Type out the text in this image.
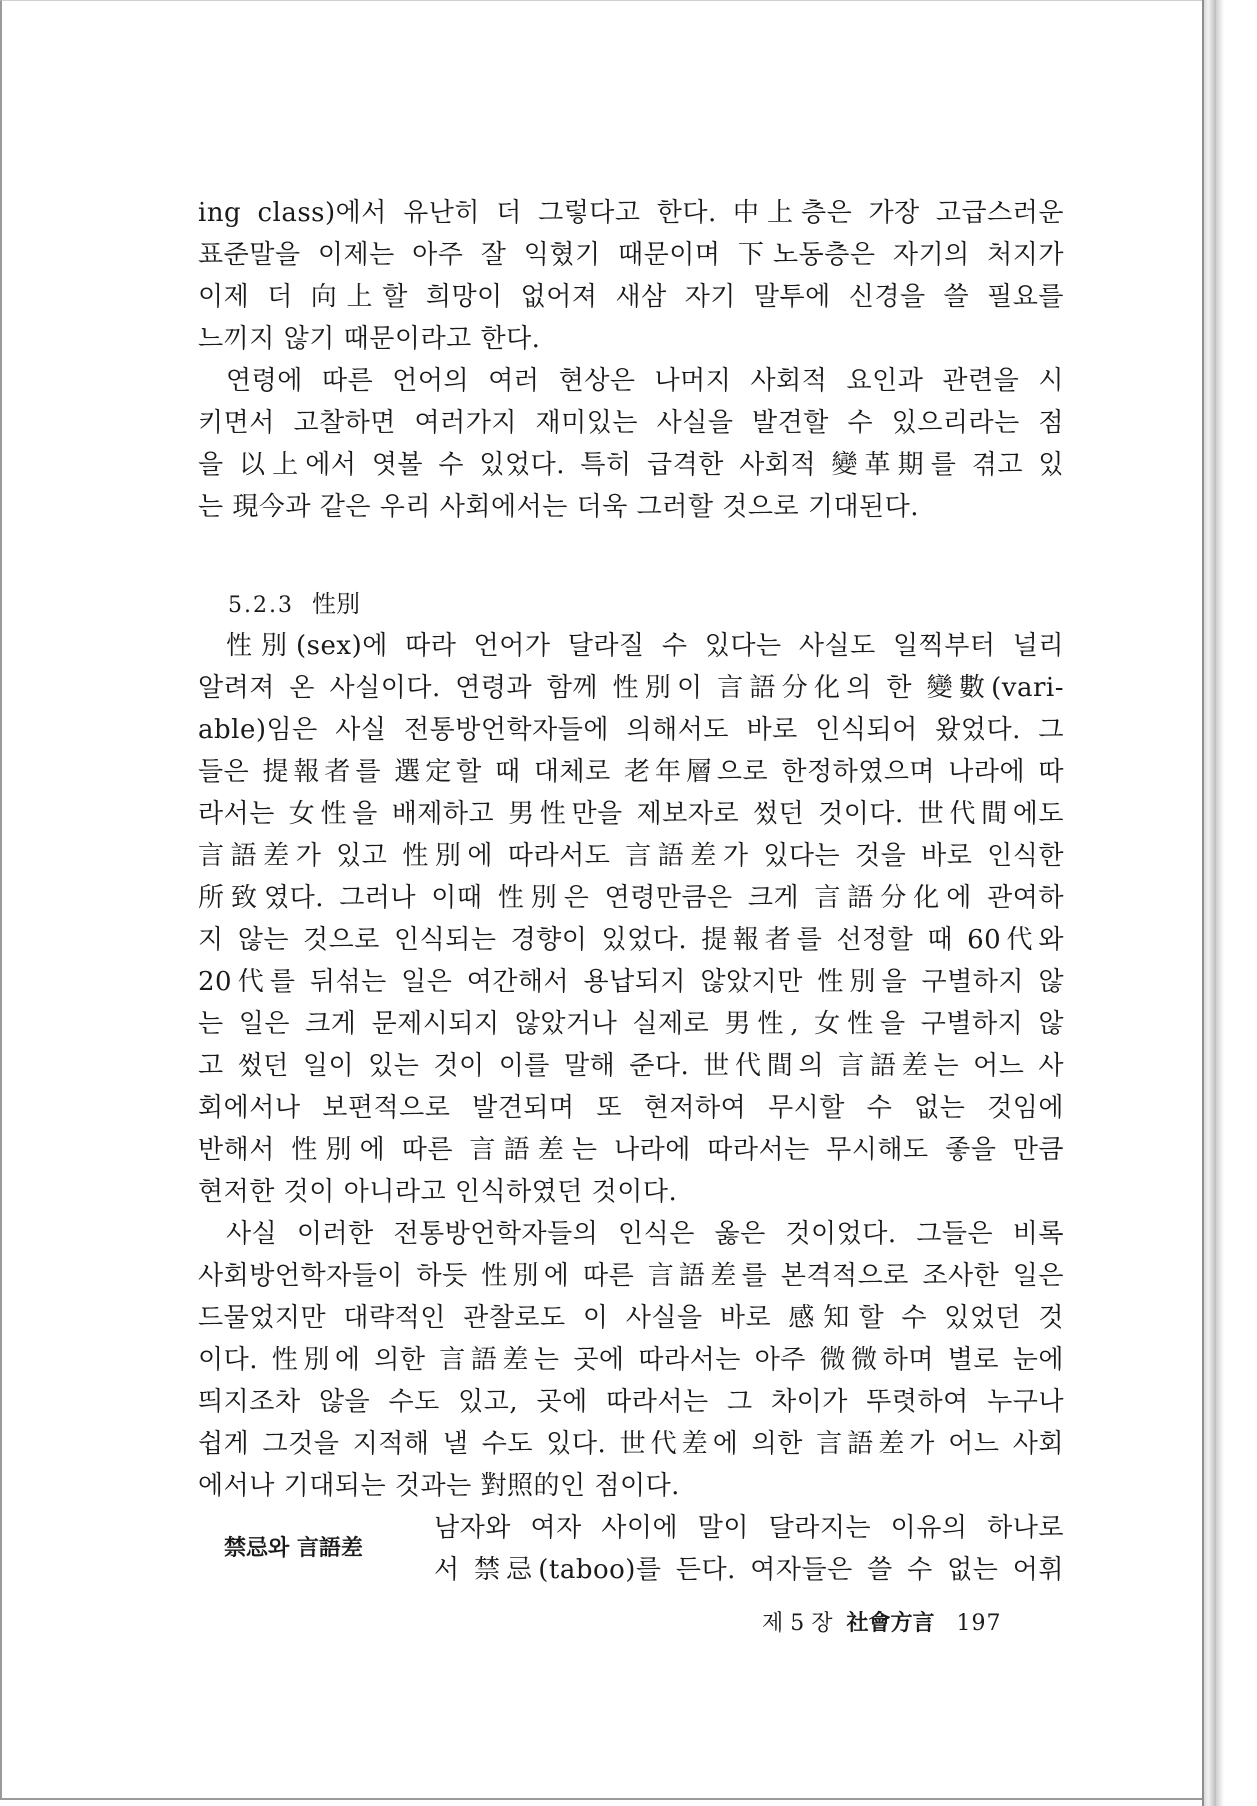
ing class)에서 유난히 더 그렇다고 한다. 中上층은 가장 고급스러운
표준말을 이제는 아주 잘 익혔기 때문이며 下노동층은 자기의 처지가
이제 더 向上할 희망이 없어져 새삼 자기 말투에 신경을 쓸 필요를
느끼지 않기 때문이라고 한다.
연령에 따른 언어의 여러 현상은 나머지 사회적 요인과 관련을 시
키면서 고찰하면 여러가지 재미있는 사실을 발견할 수 있으리라는 점
을 以上에서 엿볼 수 있었다. 특히 급격한 사회적 變革期를 겪고 있
는 現今과 같은 우리 사회에서는 더욱 그러할 것으로 기대된다.
5.2.3 性別
性別(sex)에 따라 언어가 달라질 수 있다는 사실도 일찍부터 널리
알려져 온 사실이다. 연령과 함께 性別이 言語分化의 한 變數(vari-
able)임은 사실 전통방언학자들에 의해서도 바로 인식되어 왔었다. 그
들은 提報者를 選定할 때 대체로 老年層으로 한정하였으며 나라에 따
라서는 女性을 배제하고 男性만을 제보자로 썼던 것이다. 世代間에도
言語差가 있고 性別에 따라서도 言語差가 있다는 것을 바로 인식한
所致였다. 그러나 이때 性別은 연령만큼은 크게 言語分化에 관여하
지 않는 것으로 인식되는 경향이 있었다. 提報者를 선정할 때 60代와
20代를 뒤섞는 일은 여간해서 용납되지 않았지만 性別을 구별하지 않
는 일은 크게 문제시되지 않았거나 실제로 男性, 女性을 구별하지 않
고 썼던 일이 있는 것이 이를 말해 준다. 世代間의 言語差는 어느 사
회에서나 보편적으로 발견되며 또 현저하여 무시할 수 없는 것임에
반해서 性別에 따른 言語差는 나라에 따라서는 무시해도 좋을 만큼
현저한 것이 아니라고 인식하였던 것이다.
사실 이러한 전통방언학자들의 인식은 옳은 것이었다. 그들은 비록
사회방언학자들이 하듯 性別에 따른 言語差를 본격적으로 조사한 일은
드물었지만 대략적인 관찰로도 이 사실을 바로 感知할 수 있었던 것
이다. 性別에 의한 言語差는 곳에 따라서는 아주 微微하며 별로 눈에
띄지조차 않을 수도 있고, 곳에 따라서는 그 차이가 뚜렷하여 누구나
쉽게 그것을 지적해 낼 수도 있다. 世代差에 의한 言語差가 어느 사회
에서나 기대되는 것과는 對照的인 점이다.
禁忌와 言語差
남자와 여자 사이에 말이 달라지는 이유의 하나로
서 禁忌(taboo)를 든다. 여자들은 쓸 수 없는 어휘
제 5 장 社會方言 197
